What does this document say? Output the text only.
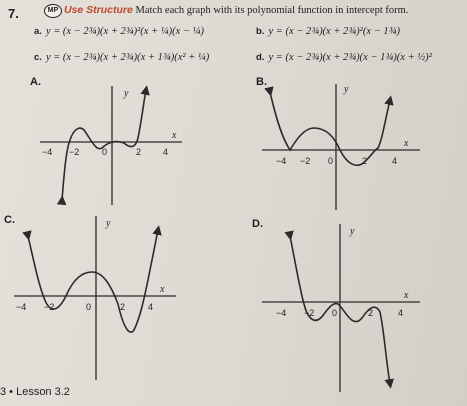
7.	MP Use Structure Match each graph with its polynomial function in intercept form.
a. y = (x − 2¾)(x + 2¾)²(x + ¼)(x − ¼)	b. y = (x − 2¾)(x + 2¾)²(x − 1¾)
c. y = (x − 2¾)(x + 2¾)(x + 1¾)(x² + ¼)	d. y = (x − 2¾)(x + 2¾)(x − 1¾)(x + ½)²
A.	B.
C.	D.
y
x
−4 −2	0	2 4
y
x
−4 −2 0	2	4
y
x
−4 −2	0	2	4
y
x
−4 −2 0	2	4
3 • Lesson 3.2
